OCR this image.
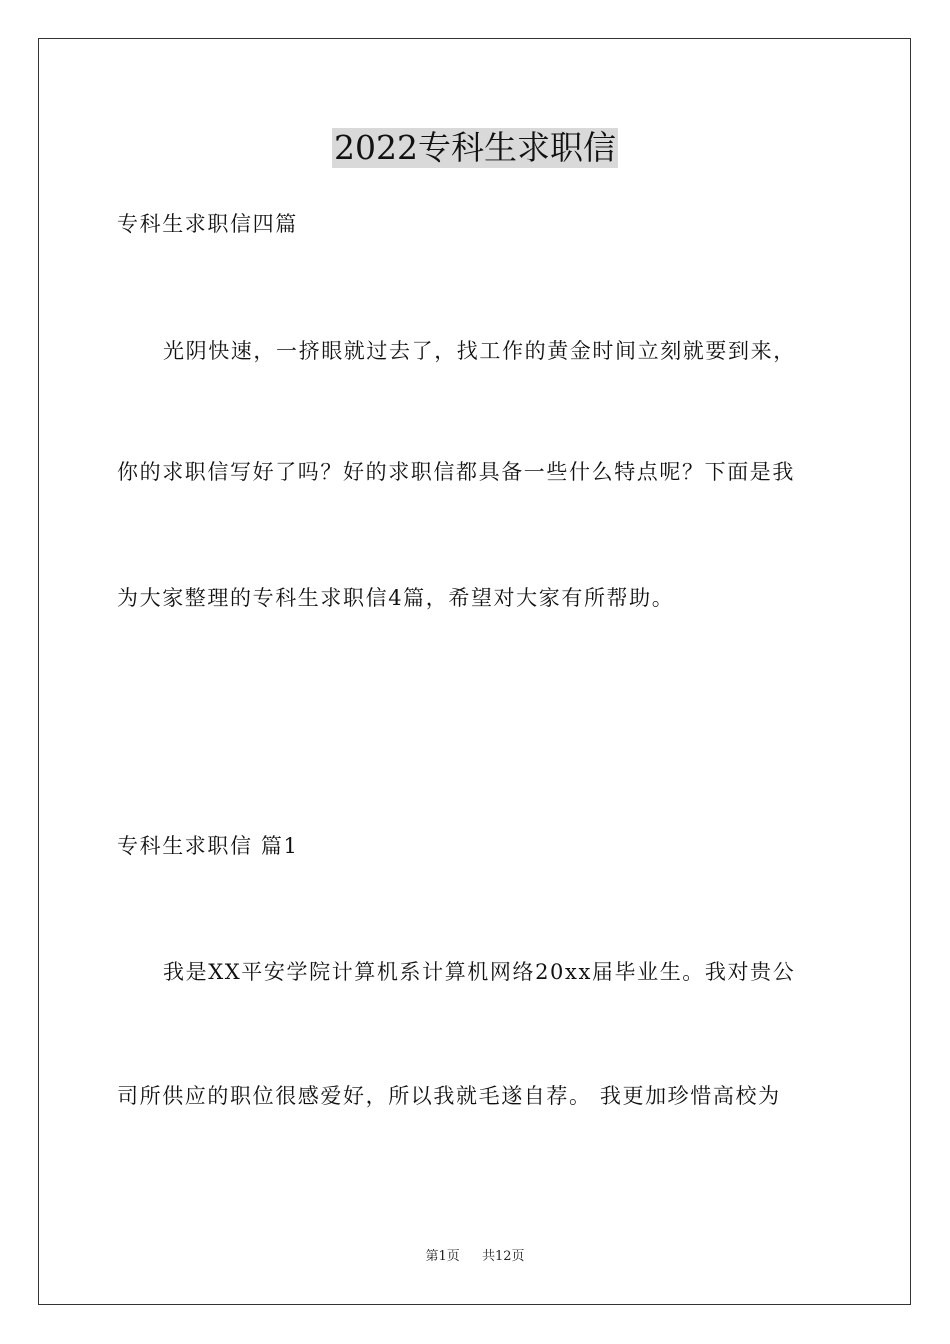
2022专科生求职信
专科生求职信四篇
光阴快速，一挤眼就过去了，找工作的黄金时间立刻就要到来，
你的求职信写好了吗？好的求职信都具备一些什么特点呢？下面是我
为大家整理的专科生求职信4篇，希望对大家有所帮助。
专科生求职信 篇1
我是XX平安学院计算机系计算机网络20xx届毕业生。我对贵公
司所供应的职位很感爱好，所以我就毛遂自荐。 我更加珍惜高校为
第1页 共12页
